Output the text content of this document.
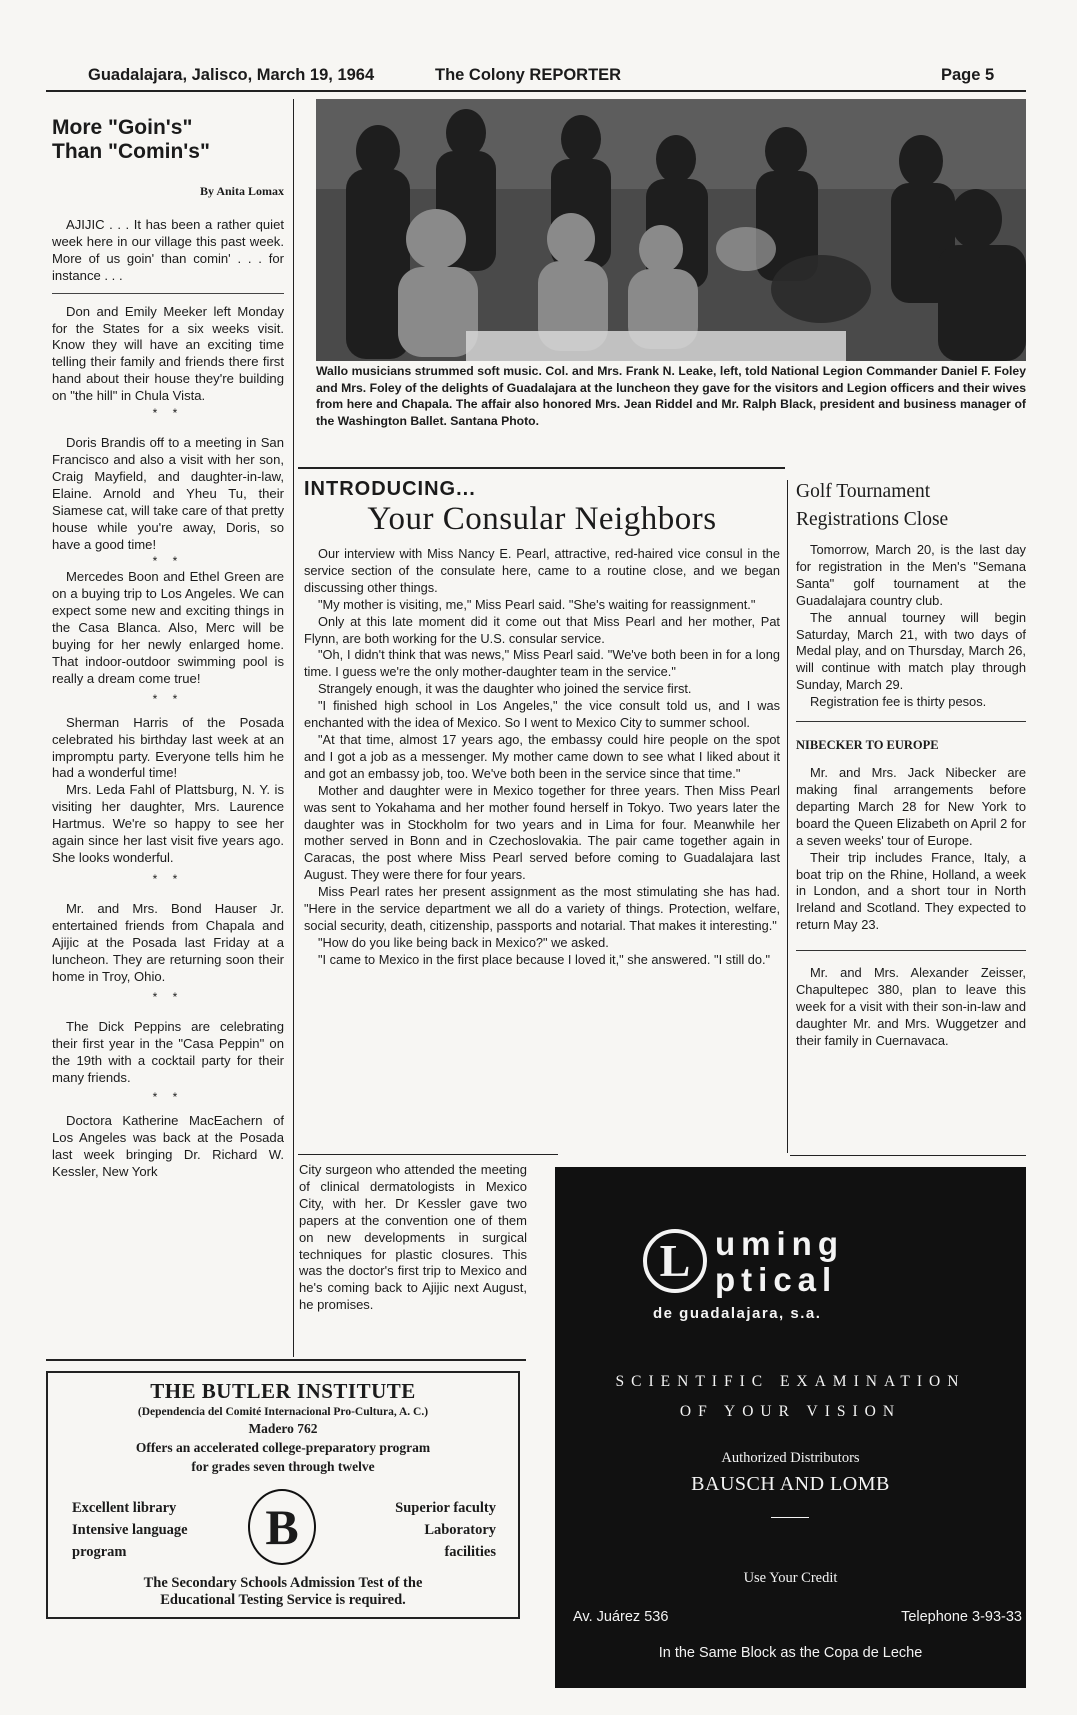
Guadalajara, Jalisco, March 19, 1964	The Colony REPORTER	Page 5
More "Goin's"
Than "Comin's"
By Anita Lomax

AJIJIC . . . It has been a rather quiet week here in our village this past week. More of us goin' than comin' . . . for instance . . .

Don and Emily Meeker left Monday for the States for a six weeks visit. Know they will have an exciting time telling their family and friends there first hand about their house they're building on "the hill" in Chula Vista.

* *

Doris Brandis off to a meeting in San Francisco and also a visit with her son, Craig Mayfield, and daughter-in-law, Elaine. Arnold and Yheu Tu, their Siamese cat, will take care of that pretty house while you're away, Doris, so have a good time!

* *

Mercedes Boon and Ethel Green are on a buying trip to Los Angeles. We can expect some new and exciting things in the Casa Blanca. Also, Merc will be buying for her newly enlarged home. That indoor-outdoor swimming pool is really a dream come true!

* *

Sherman Harris of the Posada celebrated his birthday last week at an impromptu party. Everyone tells him he had a wonderful time!

Mrs. Leda Fahl of Plattsburg, N. Y. is visiting her daughter, Mrs. Laurence Hartmus. We're so happy to see her again since her last visit five years ago. She looks wonderful.

* *

Mr. and Mrs. Bond Hauser Jr. entertained friends from Chapala and Ajijic at the Posada last Friday at a luncheon. They are returning soon their home in Troy, Ohio.

* *

The Dick Peppins are celebrating their first year in the "Casa Peppin" on the 19th with a cocktail party for their many friends.

* *

Doctora Katherine MacEachern of Los Angeles was back at the Posada last week bringing Dr. Richard W. Kessler, New York

Wallo musicians strummed soft music. Col. and Mrs. Frank N. Leake, left, told National Legion Commander Daniel F. Foley and Mrs. Foley of the delights of Guadalajara at the luncheon they gave for the visitors and Legion officers and their wives from here and Chapala. The affair also honored Mrs. Jean Riddel and Mr. Ralph Black, president and business manager of the Washington Ballet. Santana Photo.
INTRODUCING...
Your Consular Neighbors

Our interview with Miss Nancy E. Pearl, attractive, red-haired vice consul in the service section of the consulate here, came to a routine close, and we began discussing other things.

"My mother is visiting, me," Miss Pearl said. "She's waiting for reassignment."

Only at this late moment did it come out that Miss Pearl and her mother, Pat Flynn, are both working for the U.S. consular service.

"Oh, I didn't think that was news," Miss Pearl said. "We've both been in for a long time. I guess we're the only mother-daughter team in the service."

Strangely enough, it was the daughter who joined the service first.

"I finished high school in Los Angeles," the vice consult told us, and I was enchanted with the idea of Mexico. So I went to Mexico City to summer school.

"At that time, almost 17 years ago, the embassy could hire people on the spot and I got a job as a messenger. My mother came down to see what I liked about it and got an embassy job, too. We've both been in the service since that time."

Mother and daughter were in Mexico together for three years. Then Miss Pearl was sent to Yokahama and her mother found herself in Tokyo. Two years later the daughter was in Stockholm for two years and in Lima for four. Meanwhile her mother served in Bonn and in Czechoslovakia. The pair came together again in Caracas, the post where Miss Pearl served before coming to Guadalajara last August. They were there for four years.

Miss Pearl rates her present assignment as the most stimulating she has had. "Here in the service department we all do a variety of things. Protection, welfare, social security, death, citizenship, passports and notarial. That makes it interesting."

"How do you like being back in Mexico?" we asked.

"I came to Mexico in the first place because I loved it," she answered. "I still do."

City surgeon who attended the meeting of clinical dermatologists in Mexico City, with her. Dr Kessler gave two papers at the convention one of them on new developments in surgical techniques for plastic closures. This was the doctor's first trip to Mexico and he's coming back to Ajijic next August, he promises.

Golf Tournament
Registrations Close

Tomorrow, March 20, is the last day for registration in the Men's "Semana Santa" golf tournament at the Guadalajara country club.

The annual tourney will begin Saturday, March 21, with two days of Medal play, and on Thursday, March 26, will continue with match play through Sunday, March 29.

Registration fee is thirty pesos.

NIBECKER TO EUROPE

Mr. and Mrs. Jack Nibecker are making final arrangements before departing March 28 for New York to board the Queen Elizabeth on April 2 for a seven weeks' tour of Europe.

Their trip includes France, Italy, a boat trip on the Rhine, Holland, a week in London, and a short tour in North Ireland and Scotland. They expected to return May 23.

Mr. and Mrs. Alexander Zeisser, Chapultepec 380, plan to leave this week for a visit with their son-in-law and daughter Mr. and Mrs. Wuggetzer and their family in Cuernavaca.

THE BUTLER INSTITUTE
(Dependencia del Comité Internacional Pro-Cultura, A. C.)
Madero 762
Offers an accelerated college-preparatory program
for grades seven through twelve
Excellent library
Intensive language
program
Superior faculty
Laboratory
facilities
B
The Secondary Schools Admission Test of the
Educational Testing Service is required.
L uming
ptical
de guadalajara, s.a.
SCIENTIFIC EXAMINATION
OF YOUR VISION
Authorized Distributors
BAUSCH AND LOMB
Use Your Credit
Av. Juárez 536	Telephone 3-93-33
In the Same Block as the Copa de Leche
